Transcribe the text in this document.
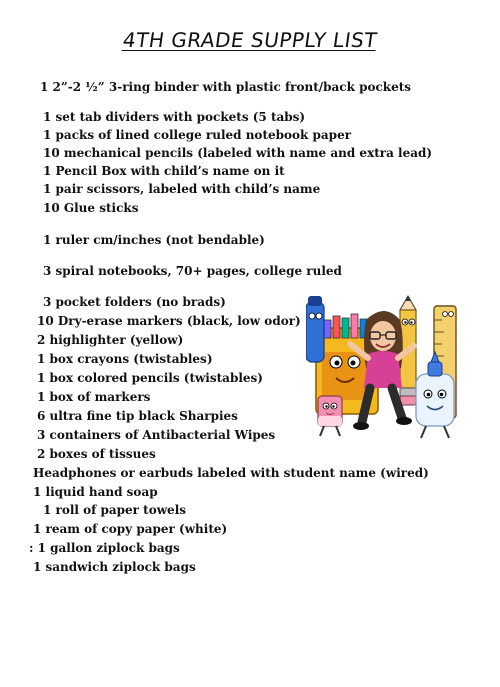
4TH GRADE SUPPLY LIST
1 2”-2 ½” 3-ring binder with plastic front/back pockets
1 set tab dividers with pockets (5 tabs)
1 packs of lined college ruled notebook paper
10 mechanical pencils (labeled with name and extra lead)
1 Pencil Box with child’s name on it
1 pair scissors, labeled with child’s name
10 Glue sticks
1 ruler cm/inches (not bendable)
3 spiral notebooks, 70+ pages, college ruled
3 pocket folders (no brads)
10 Dry-erase markers (black, low odor)
2 highlighter (yellow)
1 box crayons (twistables)
1 box colored pencils (twistables)
1 box of markers
6 ultra fine tip black Sharpies
3 containers of Antibacterial Wipes
2 boxes of tissues
Headphones or earbuds labeled with student name (wired)
1 liquid hand soap
1 roll of paper towels
1 ream of copy paper (white)
: 1 gallon ziplock bags
1 sandwich ziplock bags
